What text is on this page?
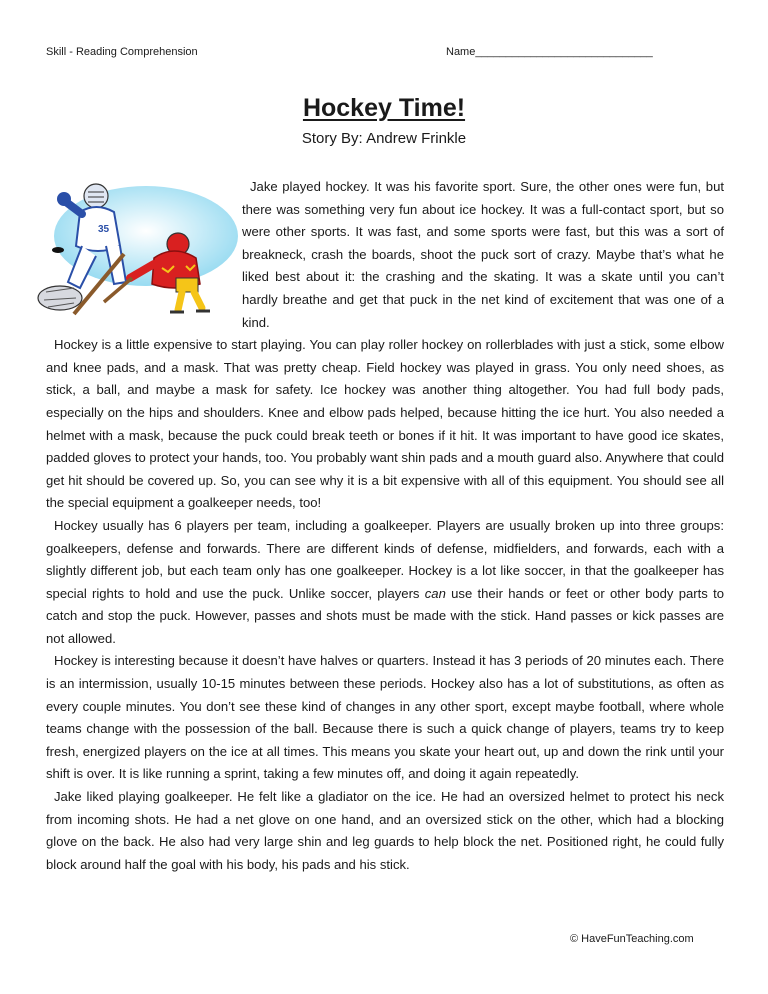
Skill - Reading Comprehension	Name_____________________________
Hockey Time!
Story By: Andrew Frinkle
35

Jake played hockey. It was his favorite sport. Sure, the other ones were fun, but there was something very fun about ice hockey. It was a full-contact sport, but so were other sports. It was fast, and some sports were fast, but this was a sort of breakneck, crash the boards, shoot the puck sort of crazy. Maybe that’s what he liked best about it: the crashing and the skating. It was a skate until you can’t hardly breathe and get that puck in the net kind of excitement that was one of a kind.

Hockey is a little expensive to start playing. You can play roller hockey on rollerblades with just a stick, some elbow and knee pads, and a mask. That was pretty cheap. Field hockey was played in grass. You only need shoes, as stick, a ball, and maybe a mask for safety. Ice hockey was another thing altogether. You had full body pads, especially on the hips and shoulders. Knee and elbow pads helped, because hitting the ice hurt. You also needed a helmet with a mask, because the puck could break teeth or bones if it hit. It was important to have good ice skates, padded gloves to protect your hands, too. You probably want shin pads and a mouth guard also. Anywhere that could get hit should be covered up. So, you can see why it is a bit expensive with all of this equipment. You should see all the special equipment a goalkeeper needs, too!

Hockey usually has 6 players per team, including a goalkeeper. Players are usually broken up into three groups: goalkeepers, defense and forwards. There are different kinds of defense, midfielders, and forwards, each with a slightly different job, but each team only has one goalkeeper. Hockey is a lot like soccer, in that the goalkeeper has special rights to hold and use the puck. Unlike soccer, players can use their hands or feet or other body parts to catch and stop the puck. However, passes and shots must be made with the stick. Hand passes or kick passes are not allowed.

Hockey is interesting because it doesn’t have halves or quarters. Instead it has 3 periods of 20 minutes each. There is an intermission, usually 10-15 minutes between these periods. Hockey also has a lot of substitutions, as often as every couple minutes. You don’t see these kind of changes in any other sport, except maybe football, where whole teams change with the possession of the ball. Because there is such a quick change of players, teams try to keep fresh, energized players on the ice at all times. This means you skate your heart out, up and down the rink until your shift is over. It is like running a sprint, taking a few minutes off, and doing it again repeatedly.

Jake liked playing goalkeeper. He felt like a gladiator on the ice. He had an oversized helmet to protect his neck from incoming shots. He had a net glove on one hand, and an oversized stick on the other, which had a blocking glove on the back. He also had very large shin and leg guards to help block the net. Positioned right, he could fully block around half the goal with his body, his pads and his stick.

© HaveFunTeaching.com
